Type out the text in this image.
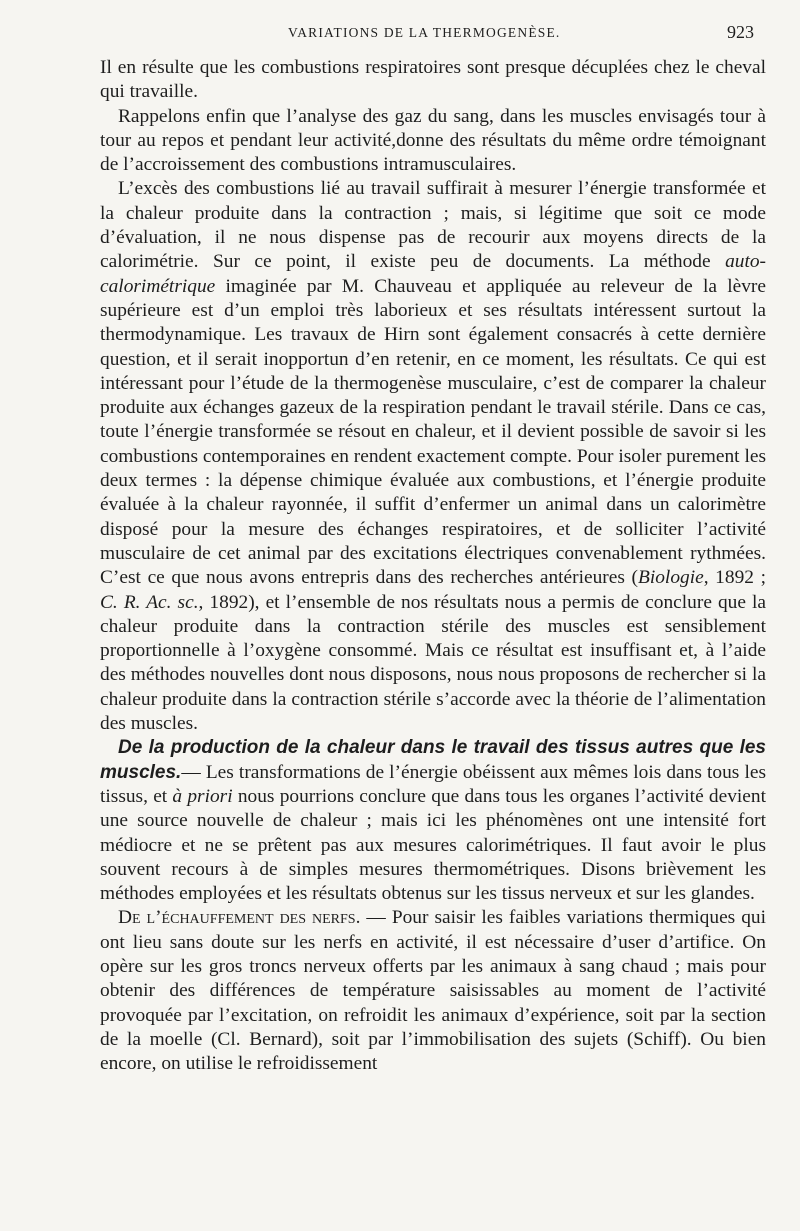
VARIATIONS DE LA THERMOGENÈSE.	923

Il en résulte que les combustions respiratoires sont presque décuplées chez le cheval qui travaille.

Rappelons enfin que l’analyse des gaz du sang, dans les muscles envisagés tour à tour au repos et pendant leur activité,donne des résultats du même ordre témoignant de l’accroissement des combustions intramusculaires.

L’excès des combustions lié au travail suffirait à mesurer l’énergie transformée et la chaleur produite dans la contraction ; mais, si légitime que soit ce mode d’évaluation, il ne nous dispense pas de recourir aux moyens directs de la calorimétrie. Sur ce point, il existe peu de documents. La méthode auto-calorimétrique imaginée par M. Chauveau et appliquée au releveur de la lèvre supérieure est d’un emploi très laborieux et ses résultats intéressent surtout la thermodynamique. Les travaux de Hirn sont également consacrés à cette dernière question, et il serait inopportun d’en retenir, en ce moment, les résultats. Ce qui est intéressant pour l’étude de la thermogenèse musculaire, c’est de comparer la chaleur produite aux échanges gazeux de la respiration pendant le travail stérile. Dans ce cas, toute l’énergie transformée se résout en chaleur, et il devient possible de savoir si les combustions contemporaines en rendent exactement compte. Pour isoler purement les deux termes : la dépense chimique évaluée aux combustions, et l’énergie produite évaluée à la chaleur rayonnée, il suffit d’enfermer un animal dans un calorimètre disposé pour la mesure des échanges respiratoires, et de solliciter l’activité musculaire de cet animal par des excitations électriques convenablement rythmées. C’est ce que nous avons entrepris dans des recherches antérieures (Biologie, 1892 ; C. R. Ac. sc., 1892), et l’ensemble de nos résultats nous a permis de conclure que la chaleur produite dans la contraction stérile des muscles est sensiblement proportionnelle à l’oxygène consommé. Mais ce résultat est insuffisant et, à l’aide des méthodes nouvelles dont nous disposons, nous nous proposons de rechercher si la chaleur produite dans la contraction stérile s’accorde avec la théorie de l’alimentation des muscles.

De la production de la chaleur dans le travail des tissus autres que les muscles.— Les transformations de l’énergie obéissent aux mêmes lois dans tous les tissus, et à priori nous pourrions conclure que dans tous les organes l’activité devient une source nouvelle de chaleur ; mais ici les phénomènes ont une intensité fort médiocre et ne se prêtent pas aux mesures calorimétriques. Il faut avoir le plus souvent recours à de simples mesures thermométriques. Disons brièvement les méthodes employées et les résultats obtenus sur les tissus nerveux et sur les glandes.

De l’échauffement des nerfs. — Pour saisir les faibles variations thermiques qui ont lieu sans doute sur les nerfs en activité, il est nécessaire d’user d’artifice. On opère sur les gros troncs nerveux offerts par les animaux à sang chaud ; mais pour obtenir des différences de température saisissables au moment de l’activité provoquée par l’excitation, on refroidit les animaux d’expérience, soit par la section de la moelle (Cl. Bernard), soit par l’immobilisation des sujets (Schiff). Ou bien encore, on utilise le refroidissement
